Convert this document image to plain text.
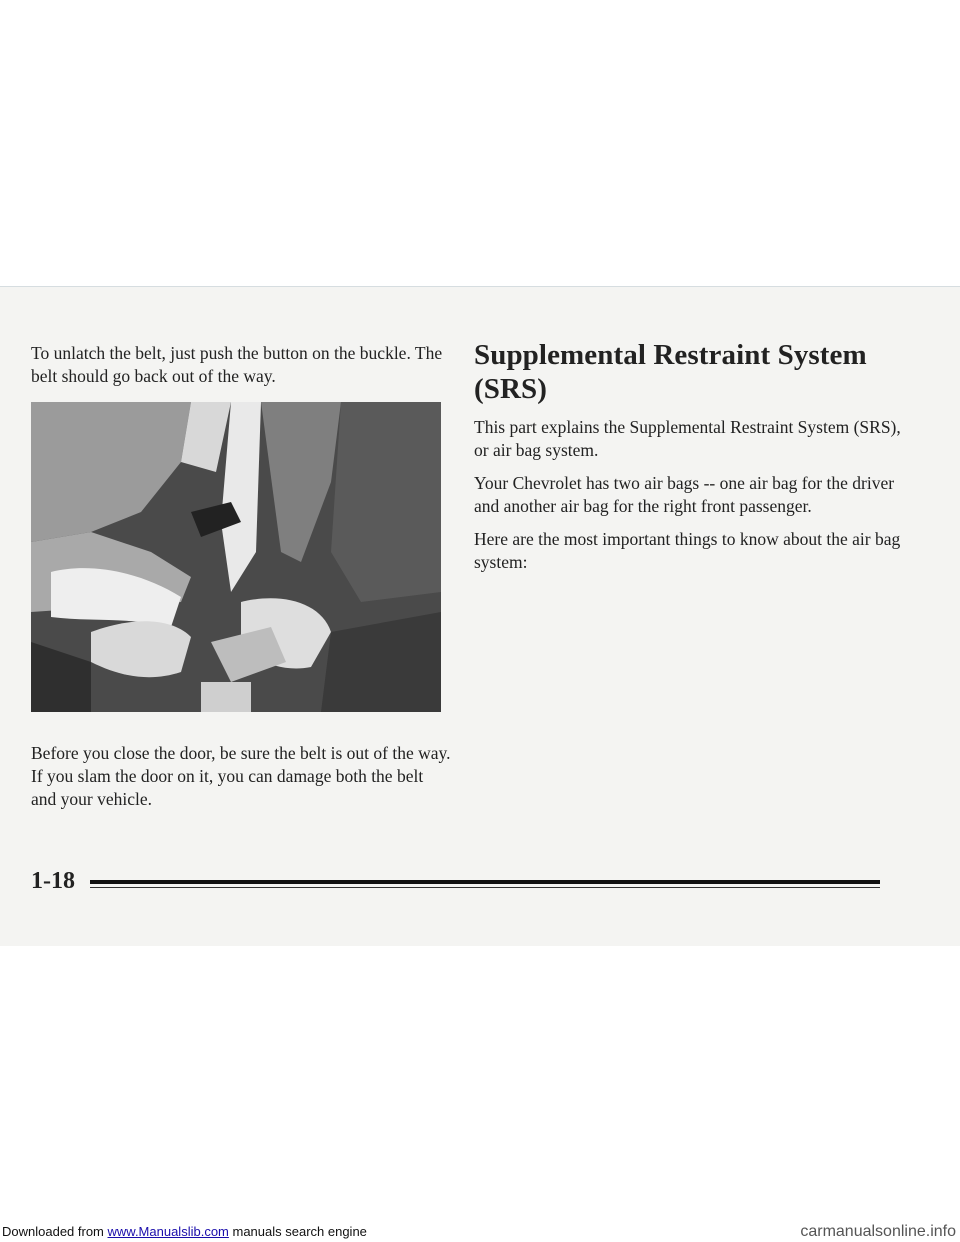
To unlatch the belt, just push the button on the buckle. The belt should go back out of the way.

Before you close the door, be sure the belt is out of the way. If you slam the door on it, you can damage both the belt and your vehicle.

Supplemental Restraint System (SRS)

This part explains the Supplemental Restraint System (SRS), or air bag system.

Your Chevrolet has two air bags -- one air bag for the driver and another air bag for the right front passenger.

Here are the most important things to know about the air bag system:

1-18
Downloaded from www.Manualslib.com manuals search engine	carmanualsonline.info
